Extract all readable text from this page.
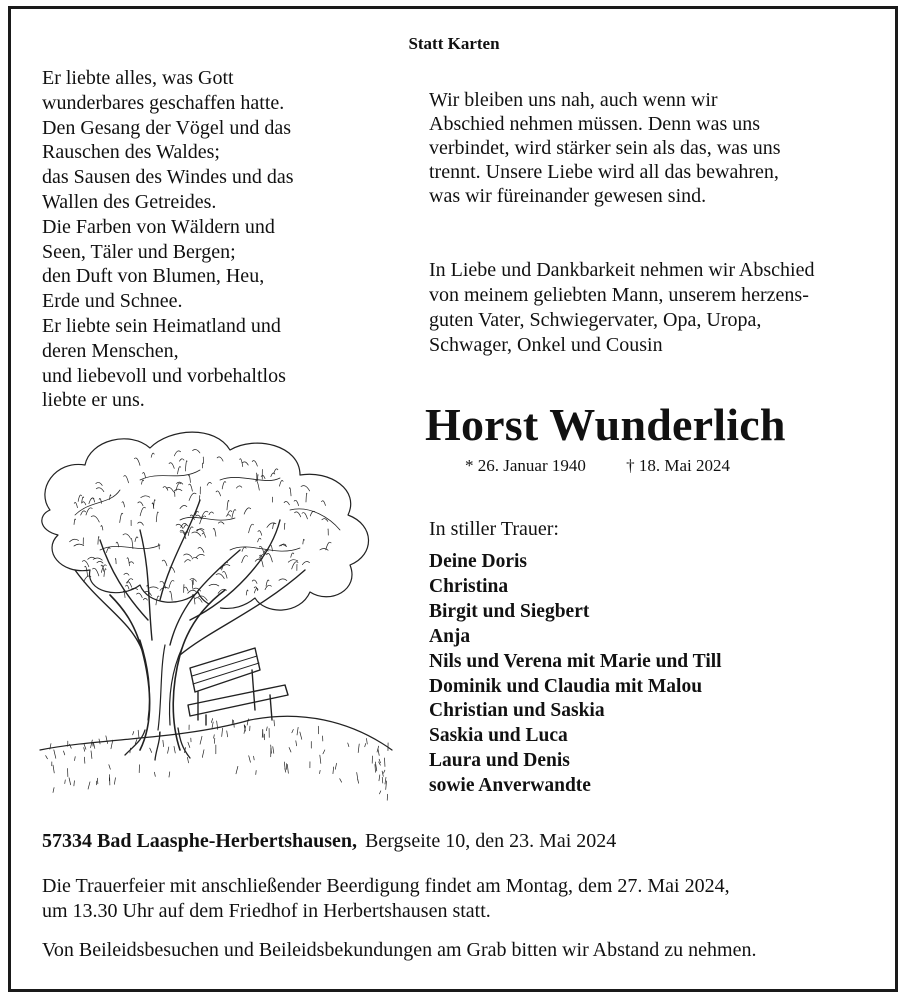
Statt Karten
Er liebte alles, was Gott
wunderbares geschaffen hatte.
Den Gesang der Vögel und das
Rauschen des Waldes;
das Sausen des Windes und das
Wallen des Getreides.
Die Farben von Wäldern und
Seen, Täler und Bergen;
den Duft von Blumen, Heu,
Erde und Schnee.
Er liebte sein Heimatland und
deren Menschen,
und liebevoll und vorbehaltlos
liebte er uns.
Wir bleiben uns nah, auch wenn wir
Abschied nehmen müssen. Denn was uns
verbindet, wird stärker sein als das, was uns
trennt. Unsere Liebe wird all das bewahren,
was wir füreinander gewesen sind.
In Liebe und Dankbarkeit nehmen wir Abschied
von meinem geliebten Mann, unserem herzens-
guten Vater, Schwiegervater, Opa, Uropa,
Schwager, Onkel und Cousin
Horst Wunderlich
* 26. Januar 1940 † 18. Mai 2024
In stiller Trauer:
Deine Doris
Christina
Birgit und Siegbert
Anja
Nils und Verena mit Marie und Till
Dominik und Claudia mit Malou
Christian und Saskia
Saskia und Luca
Laura und Denis
sowie Anverwandte
57334 Bad Laasphe-Herbertshausen, Bergseite 10, den 23. Mai 2024
Die Trauerfeier mit anschließender Beerdigung findet am Montag, dem 27. Mai 2024,
um 13.30 Uhr auf dem Friedhof in Herbertshausen statt.
Von Beileidsbesuchen und Beileidsbekundungen am Grab bitten wir Abstand zu nehmen.
